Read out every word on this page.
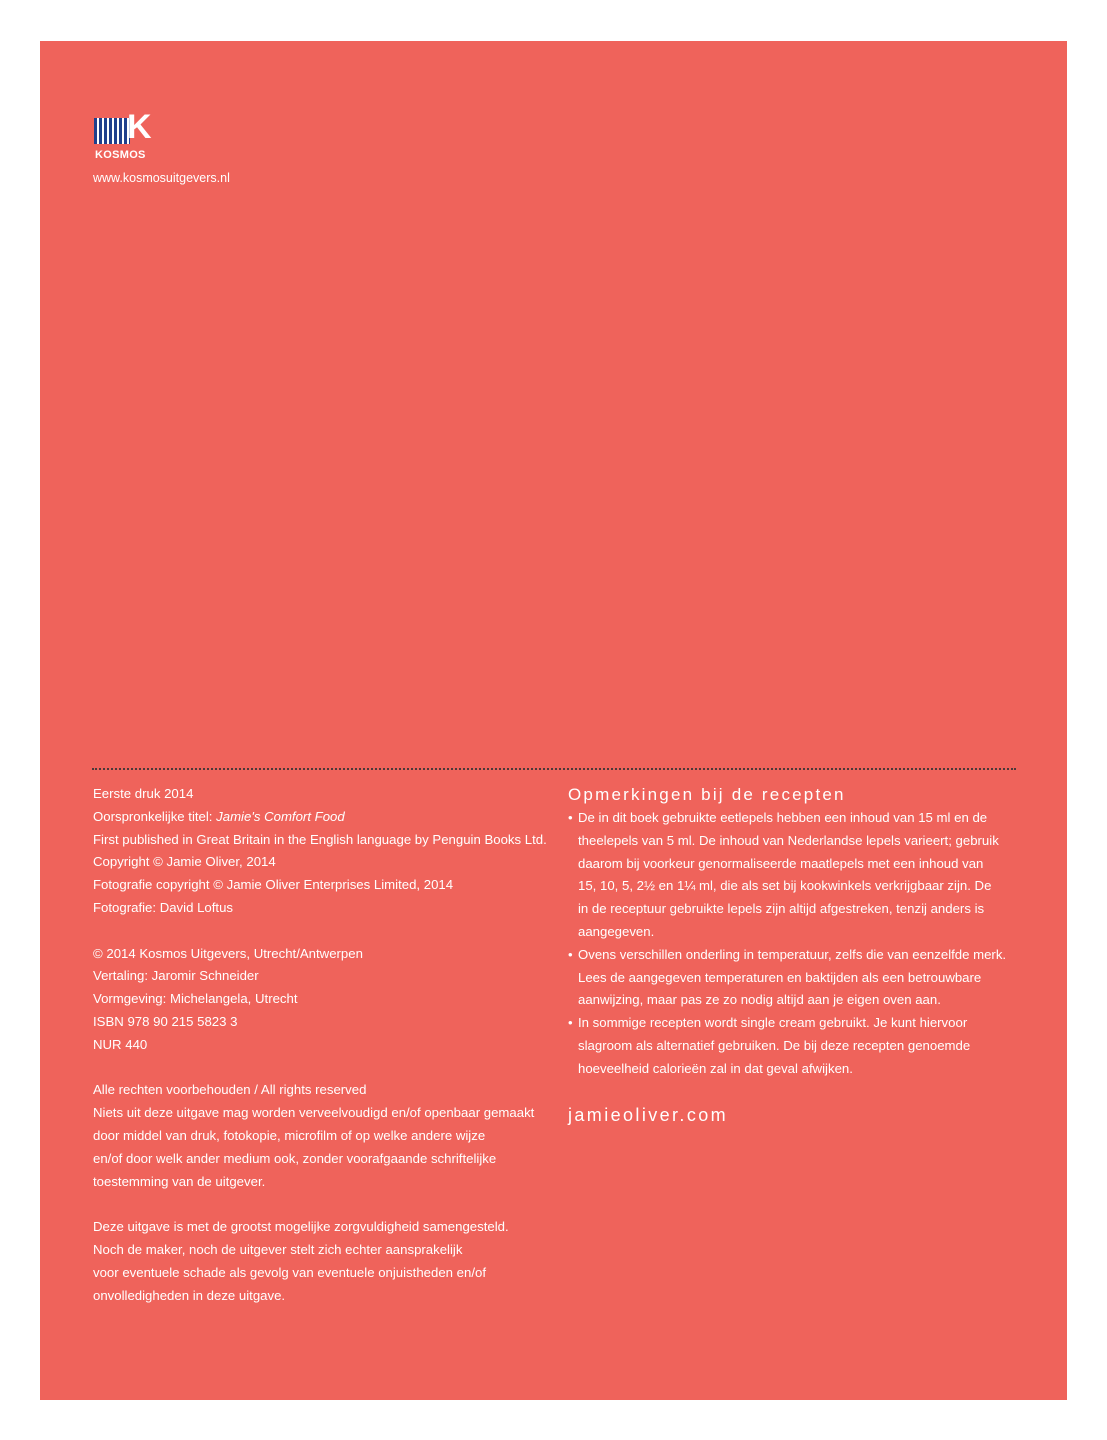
K
KOSMOS
www.kosmosuitgevers.nl

Eerste druk 2014

Oorspronkelijke titel: Jamie's Comfort Food

First published in Great Britain in the English language by Penguin Books Ltd.

Copyright © Jamie Oliver, 2014

Fotografie copyright © Jamie Oliver Enterprises Limited, 2014

Fotografie: David Loftus

© 2014 Kosmos Uitgevers, Utrecht/Antwerpen

Vertaling: Jaromir Schneider

Vormgeving: Michelangela, Utrecht

ISBN 978 90 215 5823 3

NUR 440

Alle rechten voorbehouden / All rights reserved

Niets uit deze uitgave mag worden verveelvoudigd en/of openbaar gemaakt

door middel van druk, fotokopie, microfilm of op welke andere wijze

en/of door welk ander medium ook, zonder voorafgaande schriftelijke

toestemming van de uitgever.

Deze uitgave is met de grootst mogelijke zorgvuldigheid samengesteld.

Noch de maker, noch de uitgever stelt zich echter aansprakelijk

voor eventuele schade als gevolg van eventuele onjuistheden en/of

onvolledigheden in deze uitgave.

Opmerkingen bij de recepten
• De in dit boek gebruikte eetlepels hebben een inhoud van 15 ml en de
theelepels van 5 ml. De inhoud van Nederlandse lepels varieert; gebruik
daarom bij voorkeur genormaliseerde maatlepels met een inhoud van
15, 10, 5, 2½ en 1¼ ml, die als set bij kookwinkels verkrijgbaar zijn. De
in de receptuur gebruikte lepels zijn altijd afgestreken, tenzij anders is
aangegeven.
• Ovens verschillen onderling in temperatuur, zelfs die van eenzelfde merk.
Lees de aangegeven temperaturen en baktijden als een betrouwbare
aanwijzing, maar pas ze zo nodig altijd aan je eigen oven aan.
• In sommige recepten wordt single cream gebruikt. Je kunt hiervoor
slagroom als alternatief gebruiken. De bij deze recepten genoemde
hoeveelheid calorieën zal in dat geval afwijken.
jamieoliver.com
